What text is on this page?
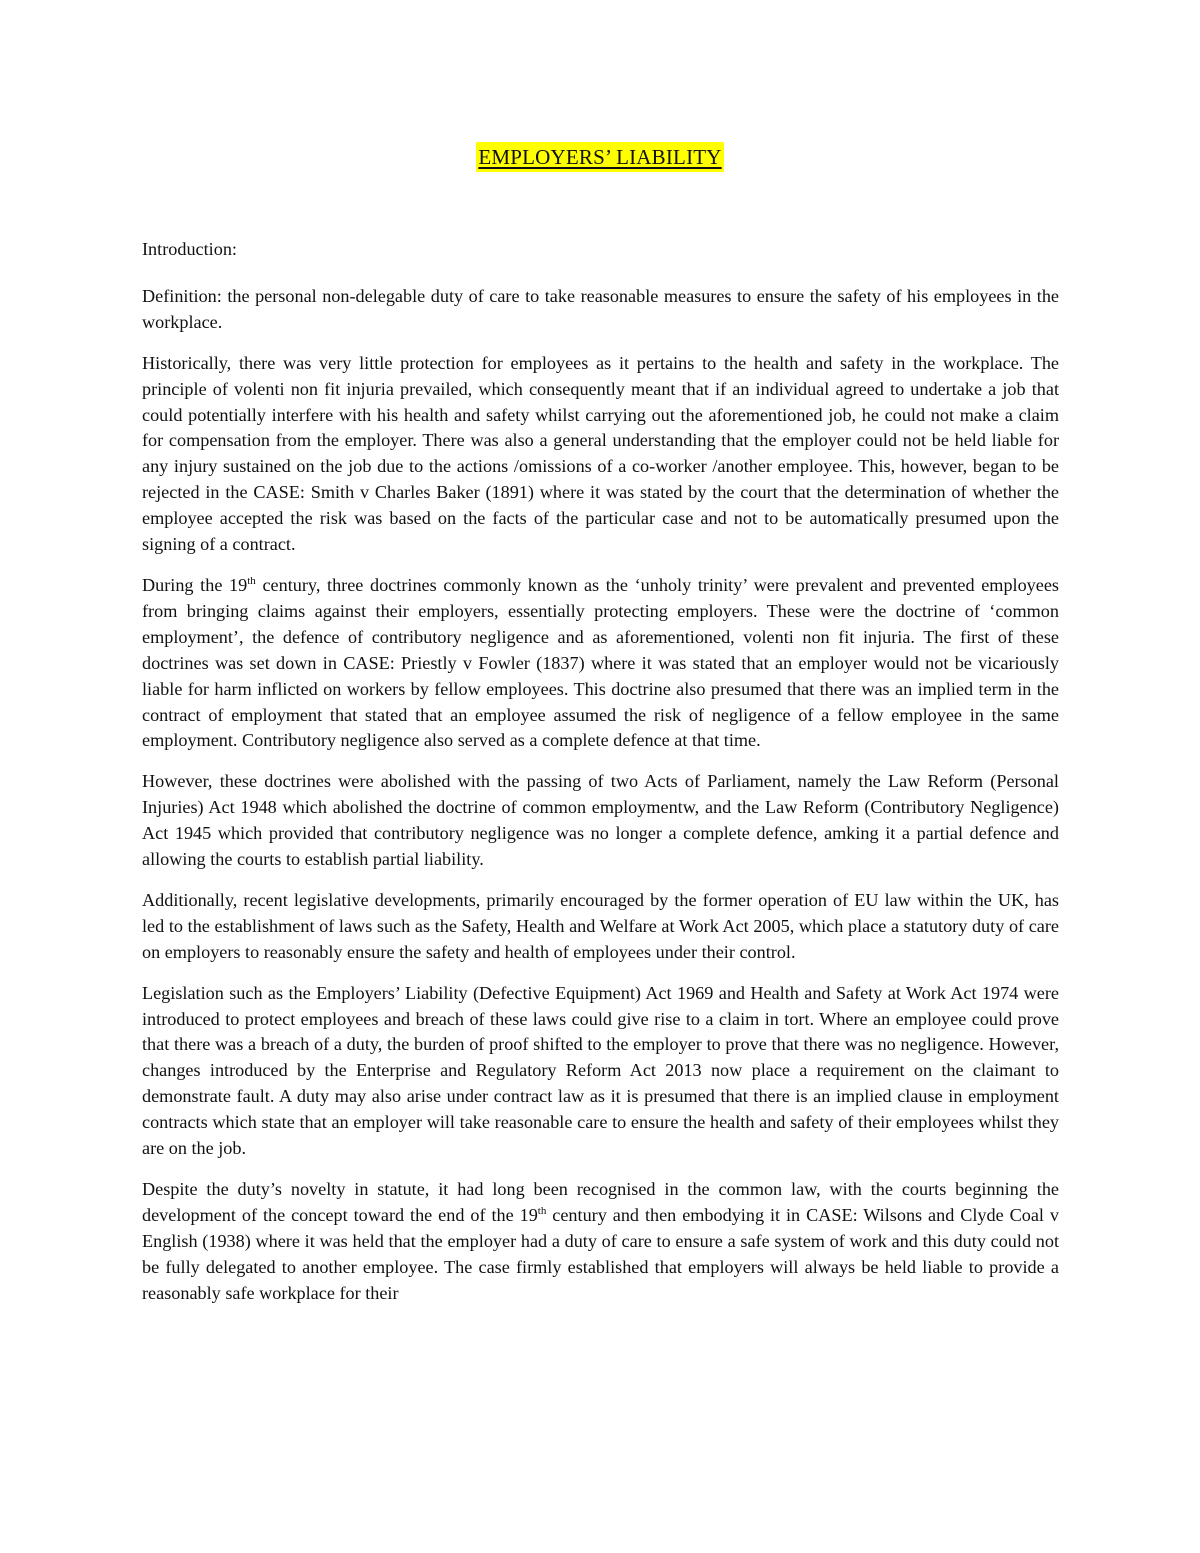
EMPLOYERS’ LIABILITY

Introduction:

Definition: the personal non-delegable duty of care to take reasonable measures to ensure the safety of his employees in the workplace.

Historically, there was very little protection for employees as it pertains to the health and safety in the workplace. The principle of volenti non fit injuria prevailed, which consequently meant that if an individual agreed to undertake a job that could potentially interfere with his health and safety whilst carrying out the aforementioned job, he could not make a claim for compensation from the employer. There was also a general understanding that the employer could not be held liable for any injury sustained on the job due to the actions /omissions of a co-worker /another employee. This, however, began to be rejected in the CASE: Smith v Charles Baker (1891) where it was stated by the court that the determination of whether the employee accepted the risk was based on the facts of the particular case and not to be automatically presumed upon the signing of a contract.

During the 19th century, three doctrines commonly known as the ‘unholy trinity’ were prevalent and prevented employees from bringing claims against their employers, essentially protecting employers. These were the doctrine of ‘common employment’, the defence of contributory negligence and as aforementioned, volenti non fit injuria. The first of these doctrines was set down in CASE: Priestly v Fowler (1837) where it was stated that an employer would not be vicariously liable for harm inflicted on workers by fellow employees. This doctrine also presumed that there was an implied term in the contract of employment that stated that an employee assumed the risk of negligence of a fellow employee in the same employment. Contributory negligence also served as a complete defence at that time.

However, these doctrines were abolished with the passing of two Acts of Parliament, namely the Law Reform (Personal Injuries) Act 1948 which abolished the doctrine of common employmentw, and the Law Reform (Contributory Negligence) Act 1945 which provided that contributory negligence was no longer a complete defence, amking it a partial defence and allowing the courts to establish partial liability.

Additionally, recent legislative developments, primarily encouraged by the former operation of EU law within the UK, has led to the establishment of laws such as the Safety, Health and Welfare at Work Act 2005, which place a statutory duty of care on employers to reasonably ensure the safety and health of employees under their control.

Legislation such as the Employers’ Liability (Defective Equipment) Act 1969 and Health and Safety at Work Act 1974 were introduced to protect employees and breach of these laws could give rise to a claim in tort. Where an employee could prove that there was a breach of a duty, the burden of proof shifted to the employer to prove that there was no negligence. However, changes introduced by the Enterprise and Regulatory Reform Act 2013 now place a requirement on the claimant to demonstrate fault. A duty may also arise under contract law as it is presumed that there is an implied clause in employment contracts which state that an employer will take reasonable care to ensure the health and safety of their employees whilst they are on the job.

Despite the duty’s novelty in statute, it had long been recognised in the common law, with the courts beginning the development of the concept toward the end of the 19th century and then embodying it in CASE: Wilsons and Clyde Coal v English (1938) where it was held that the employer had a duty of care to ensure a safe system of work and this duty could not be fully delegated to another employee. The case firmly established that employers will always be held liable to provide a reasonably safe workplace for their
